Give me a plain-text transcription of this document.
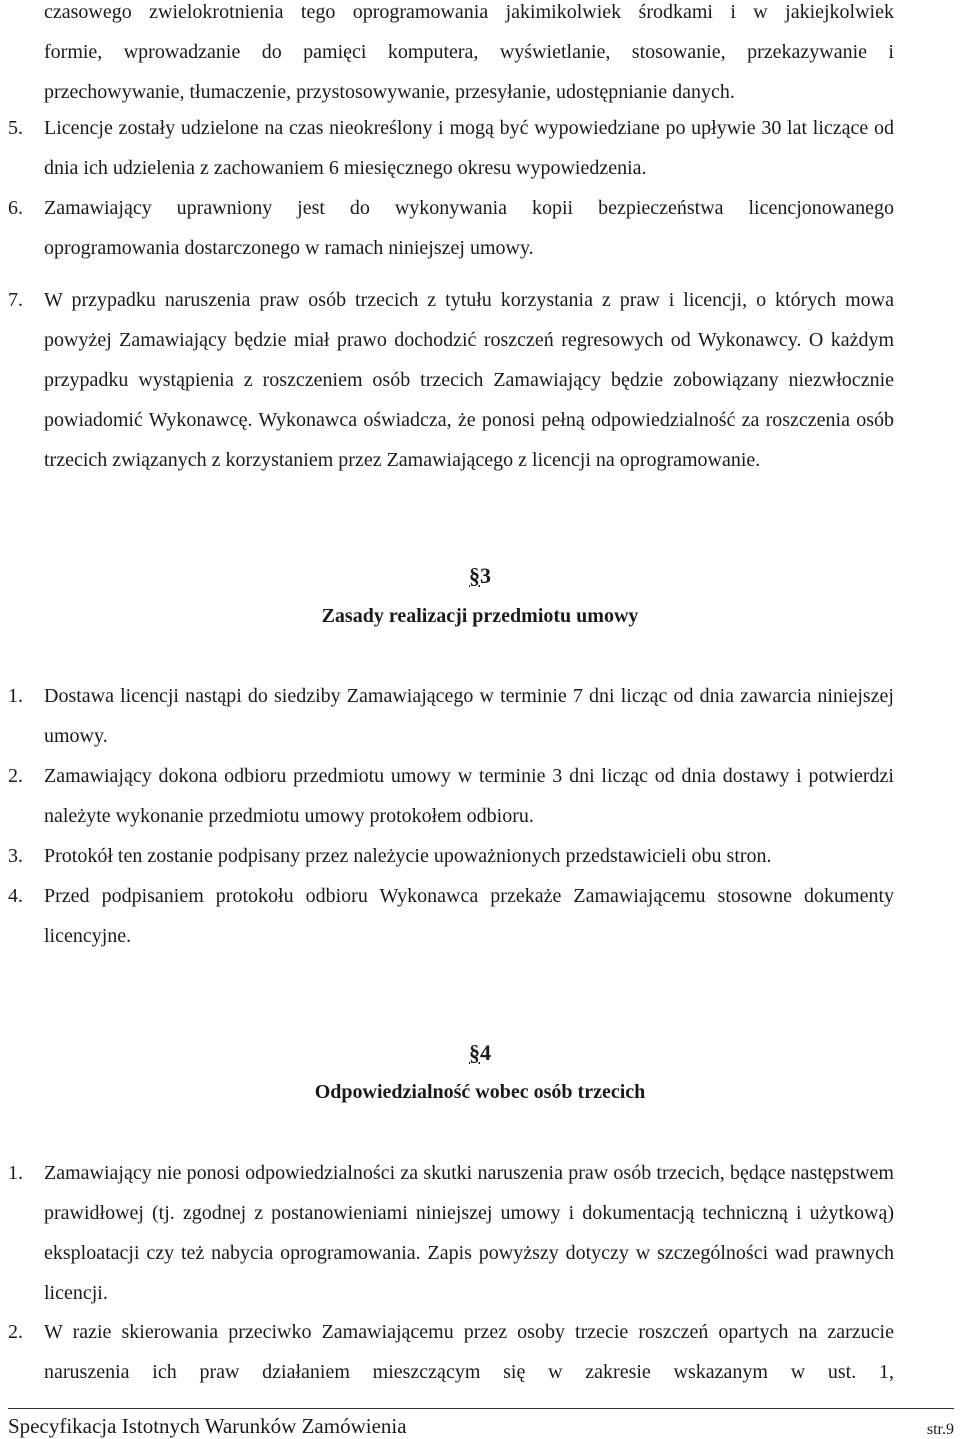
czasowego zwielokrotnienia tego oprogramowania jakimikolwiek środkami i w jakiejkolwiek
formie, wprowadzanie do pamięci komputera, wyświetlanie, stosowanie, przekazywanie i
przechowywanie, tłumaczenie, przystosowywanie, przesyłanie, udostępnianie danych.
5.	Licencje zostały udzielone na czas nieokreślony i mogą być wypowiedziane po upływie 30 lat liczące od dnia ich udzielenia z zachowaniem 6 miesięcznego okresu wypowiedzenia.
6.	Zamawiający uprawniony jest do wykonywania kopii bezpieczeństwa licencjonowanego oprogramowania dostarczonego w ramach niniejszej umowy.
7.	W przypadku naruszenia praw osób trzecich z tytułu korzystania z praw i licencji, o których mowa powyżej Zamawiający będzie miał prawo dochodzić roszczeń regresowych od Wykonawcy. O każdym przypadku wystąpienia z roszczeniem osób trzecich Zamawiający będzie zobowiązany niezwłocznie powiadomić Wykonawcę. Wykonawca oświadcza, że ponosi pełną odpowiedzialność za roszczenia osób trzecich związanych z korzystaniem przez Zamawiającego z licencji na oprogramowanie.
§3
Zasady realizacji przedmiotu umowy
1.	Dostawa licencji nastąpi do siedziby Zamawiającego w terminie 7 dni licząc od dnia zawarcia niniejszej umowy.
2.	Zamawiający dokona odbioru przedmiotu umowy w terminie 3 dni licząc od dnia dostawy i potwierdzi należyte wykonanie przedmiotu umowy protokołem odbioru.
3.	Protokół ten zostanie podpisany przez należycie upoważnionych przedstawicieli obu stron.
4.	Przed podpisaniem protokołu odbioru Wykonawca przekaże Zamawiającemu stosowne dokumenty licencyjne.
§4
Odpowiedzialność wobec osób trzecich
1.	Zamawiający nie ponosi odpowiedzialności za skutki naruszenia praw osób trzecich, będące następstwem prawidłowej (tj. zgodnej z postanowieniami niniejszej umowy i dokumentacją techniczną i użytkową) eksploatacji czy też nabycia oprogramowania. Zapis powyższy dotyczy w szczególności wad prawnych licencji.
2.	W razie skierowania przeciwko Zamawiającemu przez osoby trzecie roszczeń opartych na zarzucie naruszenia ich praw działaniem mieszczącym się w zakresie wskazanym w ust. 1,
Specyfikacja Istotnych Warunków Zamówienia	str.9
